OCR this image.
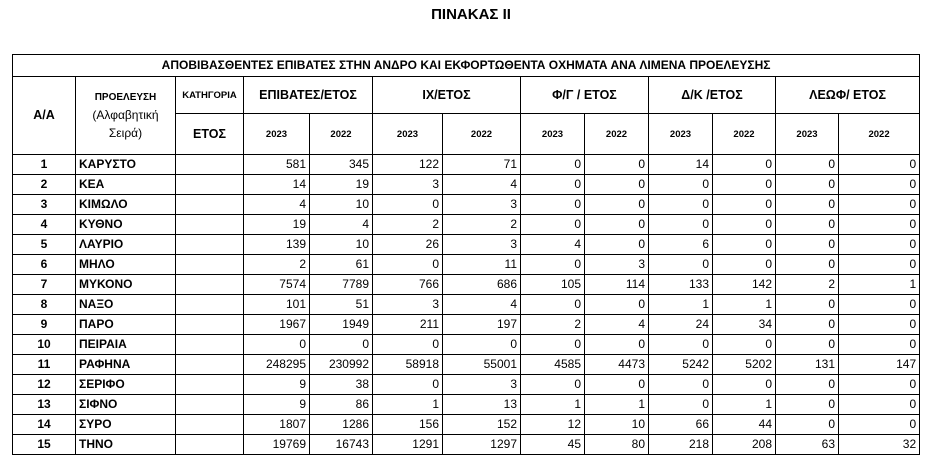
ΠΙΝΑΚΑΣ ΙΙ
ΑΠΟΒΙΒΑΣΘΕΝΤΕΣ ΕΠΙΒΑΤΕΣ ΣΤΗΝ ΑΝΔΡΟ ΚΑΙ ΕΚΦΟΡΤΩΘΕΝΤΑ ΟΧΗΜΑΤΑ ΑΝΑ ΛΙΜΕΝΑ ΠΡΟΕΛΕΥΣΗΣ												
Α/Α	ΠΡΟΕΛΕΥΣΗ
(Αλφαβητική
Σειρά)	ΚΑΤΗΓΟΡΙΑ	ΕΠΙΒΑΤΕΣ/ΕΤΟΣ		ΙΧ/ΕΤΟΣ		Φ/Γ / ΕΤΟΣ		Δ/Κ /ΕΤΟΣ		ΛΕΩΦ/ ΕΤΟΣ	
		ΕΤΟΣ	2023	2022	2023	2022	2023	2022	2023	2022	2023	2022
1	ΚΑΡΥΣΤΟ		581	345	122	71	0	0	14	0	0	0
2	ΚΕΑ		14	19	3	4	0	0	0	0	0	0
3	ΚΙΜΩΛΟ		4	10	0	3	0	0	0	0	0	0
4	ΚΥΘΝΟ		19	4	2	2	0	0	0	0	0	0
5	ΛΑΥΡΙΟ		139	10	26	3	4	0	6	0	0	0
6	ΜΗΛΟ		2	61	0	11	0	3	0	0	0	0
7	ΜΥΚΟΝΟ		7574	7789	766	686	105	114	133	142	2	1
8	ΝΑΞΟ		101	51	3	4	0	0	1	1	0	0
9	ΠΑΡΟ		1967	1949	211	197	2	4	24	34	0	0
10	ΠΕΙΡΑΙΑ		0	0	0	0	0	0	0	0	0	0
11	ΡΑΦΗΝΑ		248295	230992	58918	55001	4585	4473	5242	5202	131	147
12	ΣΕΡΙΦΟ		9	38	0	3	0	0	0	0	0	0
13	ΣΙΦΝΟ		9	86	1	13	1	1	0	1	0	0
14	ΣΥΡΟ		1807	1286	156	152	12	10	66	44	0	0
15	ΤΗΝΟ		19769	16743	1291	1297	45	80	218	208	63	32
